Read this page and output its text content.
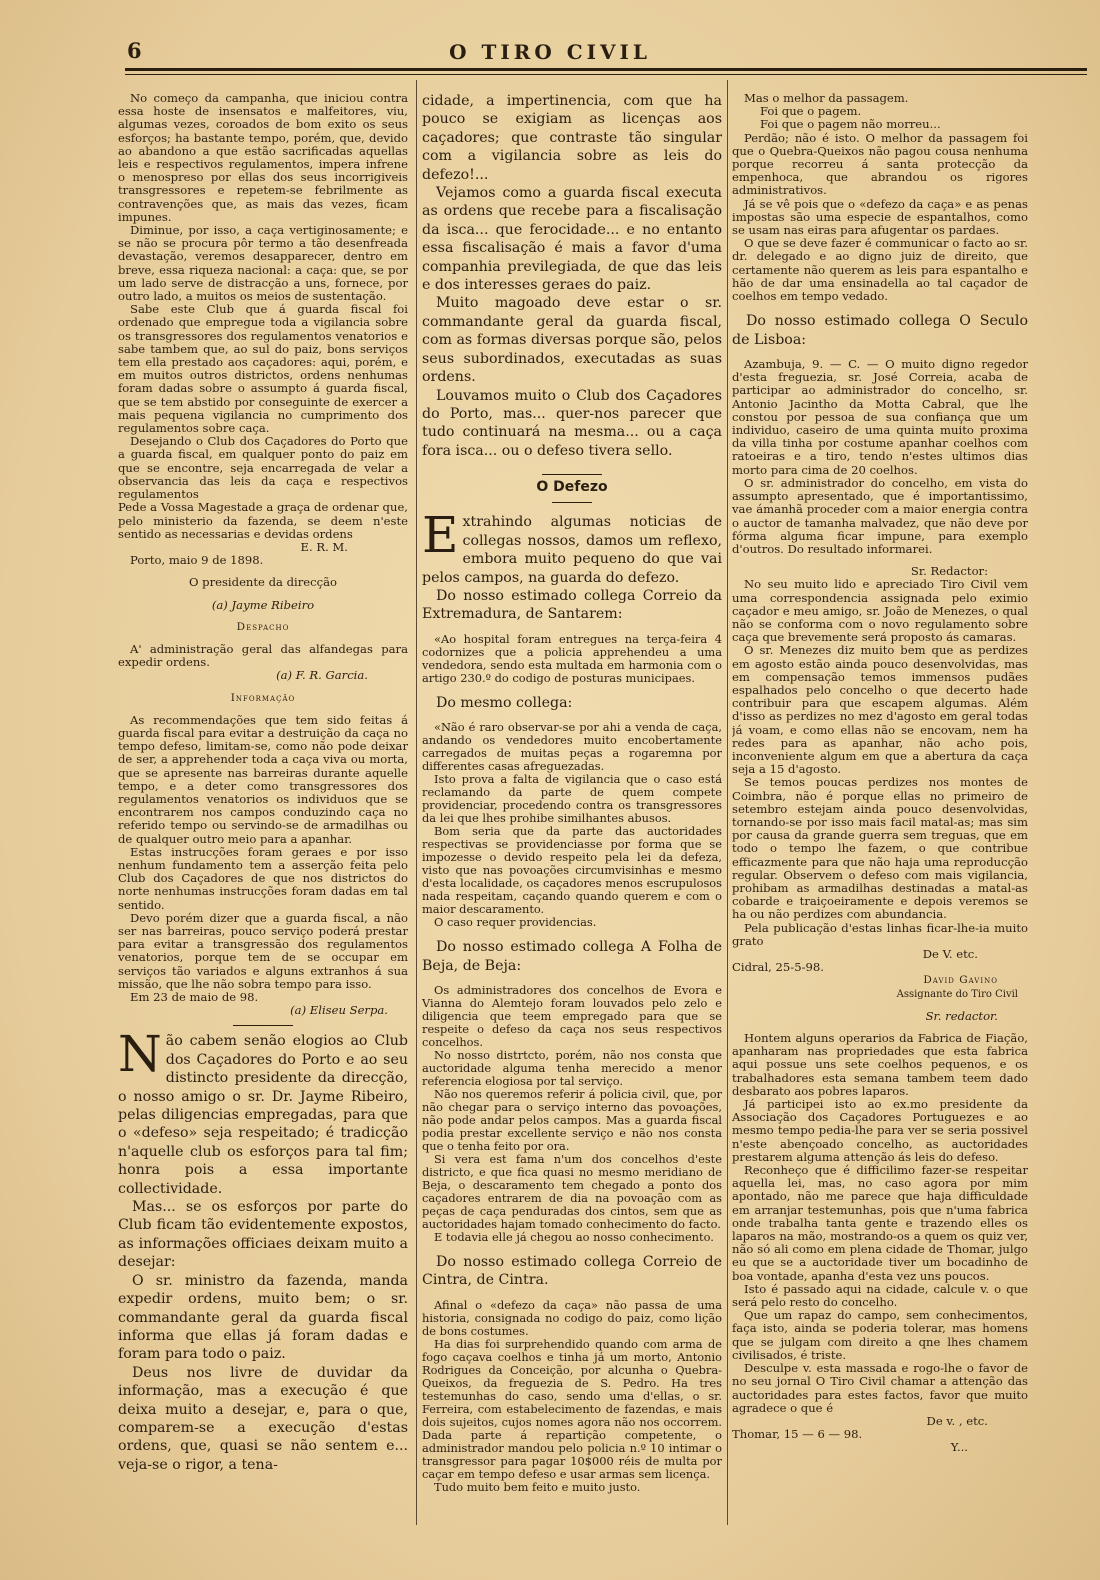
6	O TIRO CIVIL

No começo da campanha, que iniciou contra essa hoste de insensatos e malfeitores, viu, algumas vezes, coroados de bom exito os seus esforços; ha bastante tempo, porém, que, devido ao abandono a que estão sacrificadas aquellas leis e respectivos regulamentos, impera infrene o menospreso por ellas dos seus incorrigiveis transgressores e repetem-se febrilmente as contravenções que, as mais das vezes, ficam impunes.

Diminue, por isso, a caça vertiginosamente; e se não se procura pôr termo a tão desenfreada devastação, veremos desapparecer, dentro em breve, essa riqueza nacional: a caça: que, se por um lado serve de distracção a uns, fornece, por outro lado, a muitos os meios de sustentação.

Sabe este Club que á guarda fiscal foi ordenado que empregue toda a vigilancia sobre os transgressores dos regulamentos venatorios e sabe tambem que, ao sul do paiz, bons serviços tem ella prestado aos caçadores: aqui, porém, e em muitos outros districtos, ordens nenhumas foram dadas sobre o assumpto á guarda fiscal, que se tem abstido por conseguinte de exercer a mais pequena vigilancia no cumprimento dos regulamentos sobre caça.

Desejando o Club dos Caçadores do Porto que a guarda fiscal, em qualquer ponto do paiz em que se encontre, seja encarregada de velar a observancia das leis da caça e respectivos regulamentos

Pede a Vossa Magestade a graça de ordenar que, pelo ministerio da fazenda, se deem n'este sentido as necessarias e devidas ordens

E. R. M.

Porto, maio 9 de 1898.

O presidente da direcção

(a) Jayme Ribeiro

Despacho

A' administração geral das alfandegas para expedir ordens.

(a) F. R. Garcia.

Informação

As recommendações que tem sido feitas á guarda fiscal para evitar a destruição da caça no tempo defeso, limitam-se, como não pode deixar de ser, a apprehender toda a caça viva ou morta, que se apresente nas barreiras durante aquelle tempo, e a deter como transgressores dos regulamentos venatorios os individuos que se encontrarem nos campos conduzindo caça no referido tempo ou servindo-se de armadilhas ou de qualquer outro meio para a apanhar.

Estas instrucções foram geraes e por isso nenhum fundamento tem a asserção feita pelo Club dos Caçadores de que nos districtos do norte nenhumas instrucções foram dadas em tal sentido.

Devo porém dizer que a guarda fiscal, a não ser nas barreiras, pouco serviço poderá prestar para evitar a transgressão dos regulamentos venatorios, porque tem de se occupar em serviços tão variados e alguns extranhos á sua missão, que lhe não sobra tempo para isso.

Em 23 de maio de 98.

(a) Eliseu Serpa.

Não cabem senão elogios ao Club dos Caçadores do Porto e ao seu distincto presidente da direcção, o nosso amigo o sr. Dr. Jayme Ribeiro, pelas diligencias empregadas, para que o «defeso» seja respeitado; é tradicção n'aquelle club os esforços para tal fim; honra pois a essa importante collectividade.

Mas... se os esforços por parte do Club ficam tão evidentemente expostos, as informações officiaes deixam muito a desejar:

O sr. ministro da fazenda, manda expedir ordens, muito bem; o sr. commandante geral da guarda fiscal informa que ellas já foram dadas e foram para todo o paiz.

Deus nos livre de duvidar da informação, mas a execução é que deixa muito a desejar, e, para o que, comparem-se a execução d'estas ordens, que, quasi se não sentem e... veja-se o rigor, a tena-

cidade, a impertinencia, com que ha pouco se exigiam as licenças aos caçadores; que contraste tão singular com a vigilancia sobre as leis do defezo!...

Vejamos como a guarda fiscal executa as ordens que recebe para a fiscalisação da isca... que ferocidade... e no entanto essa fiscalisação é mais a favor d'uma companhia previlegiada, de que das leis e dos interesses geraes do paiz.

Muito magoado deve estar o sr. commandante geral da guarda fiscal, com as formas diversas porque são, pelos seus subordinados, executadas as suas ordens.

Louvamos muito o Club dos Caçadores do Porto, mas... quer-nos parecer que tudo continuará na mesma... ou a caça fora isca... ou o defeso tivera sello.

O Defezo

Extrahindo algumas noticias de collegas nossos, damos um reflexo, embora muito pequeno do que vai pelos campos, na guarda do defezo.

Do nosso estimado collega Correio da Extremadura, de Santarem:

«Ao hospital foram entregues na terça-feira 4 codornizes que a policia apprehendeu a uma vendedora, sendo esta multada em harmonia com o artigo 230.º do codigo de posturas municipaes.

Do mesmo collega:

«Não é raro observar-se por ahi a venda de caça, andando os vendedores muito encobertamente carregados de muitas peças a rogaremna por differentes casas afreguezadas.

Isto prova a falta de vigilancia que o caso está reclamando da parte de quem compete providenciar, procedendo contra os transgressores da lei que lhes prohibe similhantes abusos.

Bom seria que da parte das auctoridades respectivas se providenciasse por forma que se impozesse o devido respeito pela lei da defeza, visto que nas povoações circumvisinhas e mesmo d'esta localidade, os caçadores menos escrupulosos nada respeitam, caçando quando querem e com o maior descaramento.

O caso requer providencias.

Do nosso estimado collega A Folha de Beja, de Beja:

Os administradores dos concelhos de Evora e Vianna do Alemtejo foram louvados pelo zelo e diligencia que teem empregado para que se respeite o defeso da caça nos seus respectivos concelhos.

No nosso distrtcto, porém, não nos consta que auctoridade alguma tenha merecido a menor referencia elogiosa por tal serviço.

Não nos queremos referir á policia civil, que, por não chegar para o serviço interno das povoações, não pode andar pelos campos. Mas a guarda fiscal podia prestar excellente serviço e não nos consta que o tenha feito por ora.

Si vera est fama n'um dos concelhos d'este districto, e que fica quasi no mesmo meridiano de Beja, o descaramento tem chegado a ponto dos caçadores entrarem de dia na povoação com as peças de caça penduradas dos cintos, sem que as auctoridades hajam tomado conhecimento do facto.

E todavia elle já chegou ao nosso conhecimento.

Do nosso estimado collega Correio de Cintra, de Cintra.

Afinal o «defezo da caça» não passa de uma historia, consignada no codigo do paiz, como lição de bons costumes.

Ha dias foi surprehendido quando com arma de fogo caçava coelhos e tinha já um morto, Antonio Rodrigues da Conceição, por alcunha o Quebra-Queixos, da freguezia de S. Pedro. Ha tres testemunhas do caso, sendo uma d'ellas, o sr. Ferreira, com estabelecimento de fazendas, e mais dois sujeitos, cujos nomes agora não nos occorrem. Dada parte á repartição competente, o administrador mandou pelo policia n.º 10 intimar o transgressor para pagar 10$000 réis de multa por caçar em tempo defeso e usar armas sem licença.

Tudo muito bem feito e muito justo.

Mas o melhor da passagem.

Foi que o pagem.

Foi que o pagem não morreu...

Perdão; não é isto. O melhor da passagem foi que o Quebra-Queixos não pagou cousa nenhuma porque recorreu á santa protecção da empenhoca, que abrandou os rigores administrativos.

Já se vê pois que o «defezo da caça» e as penas impostas são uma especie de espantalhos, como se usam nas eiras para afugentar os pardaes.

O que se deve fazer é communicar o facto ao sr. dr. delegado e ao digno juiz de direito, que certamente não querem as leis para espantalho e hão de dar uma ensinadella ao tal caçador de coelhos em tempo vedado.

Do nosso estimado collega O Seculo de Lisboa:

Azambuja, 9. — C. — O muito digno regedor d'esta freguezia, sr. José Correia, acaba de participar ao administrador do concelho, sr. Antonio Jacintho da Motta Cabral, que lhe constou por pessoa de sua confiança que um individuo, caseiro de uma quinta muito proxima da villa tinha por costume apanhar coelhos com ratoeiras e a tiro, tendo n'estes ultimos dias morto para cima de 20 coelhos.

O sr. administrador do concelho, em vista do assumpto apresentado, que é importantissimo, vae ámanhã proceder com a maior energia contra o auctor de tamanha malvadez, que não deve por fórma alguma ficar impune, para exemplo d'outros. Do resultado informarei.

Sr. Redactor:

No seu muito lido e apreciado Tiro Civil vem uma correspondencia assignada pelo eximio caçador e meu amigo, sr. João de Menezes, o qual não se conforma com o novo regulamento sobre caça que brevemente será proposto ás camaras.

O sr. Menezes diz muito bem que as perdizes em agosto estão ainda pouco desenvolvidas, mas em compensação temos immensos pudães espalhados pelo concelho o que decerto hade contribuir para que escapem algumas. Além d'isso as perdizes no mez d'agosto em geral todas já voam, e como ellas não se encovam, nem ha redes para as apanhar, não acho pois, inconveniente algum em que a abertura da caça seja a 15 d'agosto.

Se temos poucas perdizes nos montes de Coimbra, não é porque ellas no primeiro de setembro estejam ainda pouco desenvolvidas, tornando-se por isso mais facil matal-as; mas sim por causa da grande guerra sem treguas, que em todo o tempo lhe fazem, o que contribue efficazmente para que não haja uma reproducção regular. Observem o defeso com mais vigilancia, prohibam as armadilhas destinadas a matal-as cobarde e traiçoeiramente e depois veremos se ha ou não perdizes com abundancia.

Pela publicação d'estas linhas ficar-lhe-ia muito grato

De V. etc.

Cidral, 25-5-98.

David Gavino

Assignante do Tiro Civil

Sr. redactor.

Hontem alguns operarios da Fabrica de Fiação, apanharam nas propriedades que esta fabrica aqui possue uns sete coelhos pequenos, e os trabalhadores esta semana tambem teem dado desbarato aos pobres laparos.

Já participei isto ao ex.mo presidente da Associação dos Caçadores Portuguezes e ao mesmo tempo pedia-lhe para ver se seria possivel n'este abençoado concelho, as auctoridades prestarem alguma attenção ás leis do defeso.

Reconheço que é difficilimo fazer-se respeitar aquella lei, mas, no caso agora por mim apontado, não me parece que haja difficuldade em arranjar testemunhas, pois que n'uma fabrica onde trabalha tanta gente e trazendo elles os laparos na mão, mostrando-os a quem os quiz ver, não só ali como em plena cidade de Thomar, julgo eu que se a auctoridade tiver um bocadinho de boa vontade, apanha d'esta vez uns poucos.

Isto é passado aqui na cidade, calcule v. o que será pelo resto do concelho.

Que um rapaz do campo, sem conhecimentos, faça isto, ainda se poderia tolerar, mas homens que se julgam com direito a qne lhes chamem civilisados, é triste.

Desculpe v. esta massada e rogo-lhe o favor de no seu jornal O Tiro Civil chamar a attenção das auctoridades para estes factos, favor que muito agradece o que é

De v. , etc.

Thomar, 15 — 6 — 98.

Y...
